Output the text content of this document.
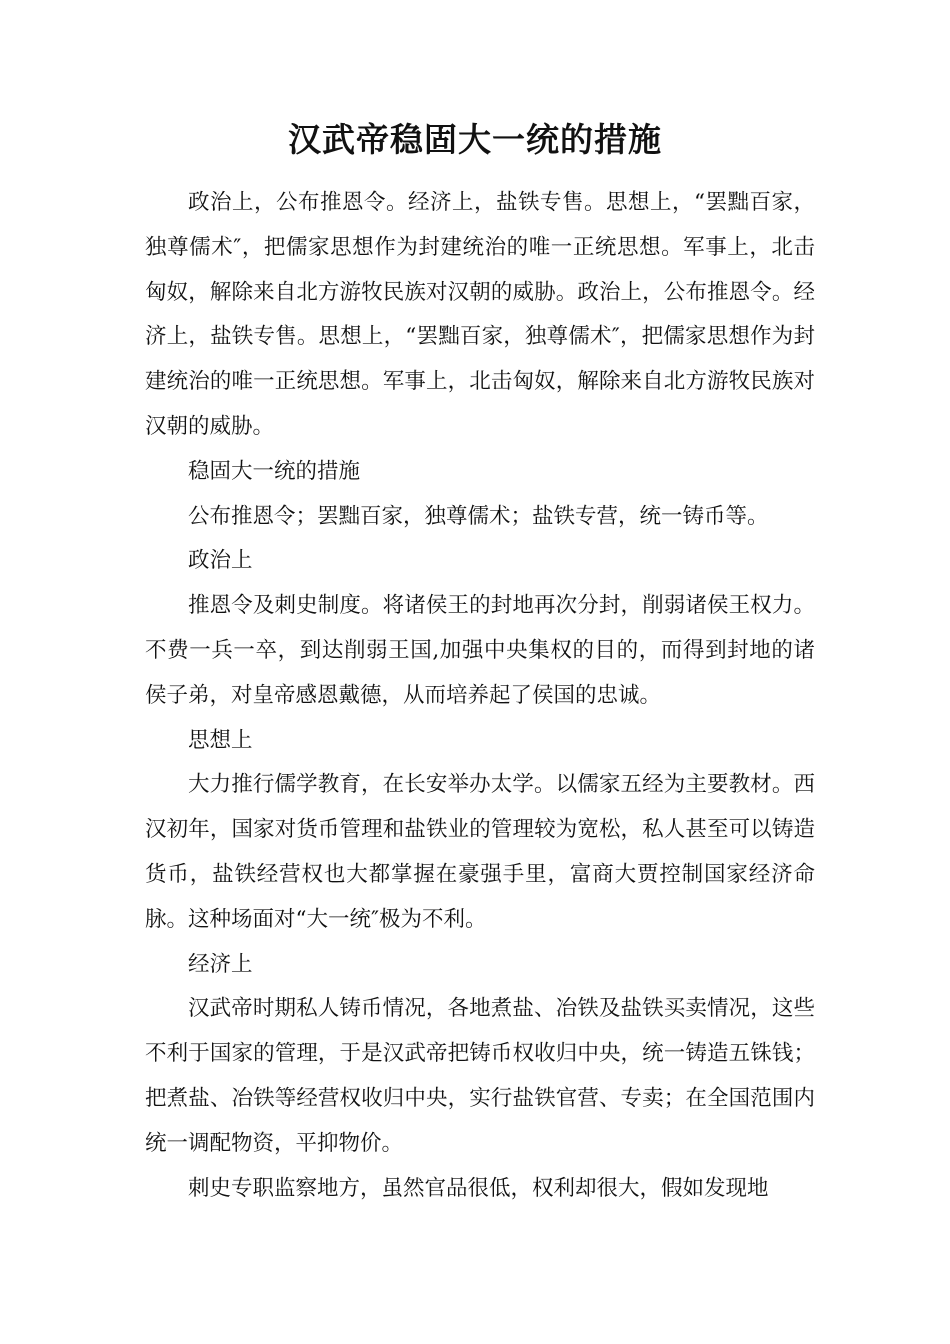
汉武帝稳固大一统的措施

政治上，公布推恩令。经济上，盐铁专售。思想上，“罢黜百家，独尊儒术″，把儒家思想作为封建统治的唯一正统思想。军事上，北击匈奴，解除来自北方游牧民族对汉朝的威胁。政治上，公布推恩令。经济上，盐铁专售。思想上，“罢黜百家，独尊儒术″，把儒家思想作为封建统治的唯一正统思想。军事上，北击匈奴，解除来自北方游牧民族对汉朝的威胁。

稳固大一统的措施

公布推恩令；罢黜百家，独尊儒术；盐铁专营，统一铸币等。

政治上

推恩令及刺史制度。将诸侯王的封地再次分封，削弱诸侯王权力。不费一兵一卒，到达削弱王国,加强中央集权的目的，而得到封地的诸侯子弟，对皇帝感恩戴德，从而培养起了侯国的忠诚。

思想上

大力推行儒学教育，在长安举办太学。以儒家五经为主要教材。西汉初年，国家对货币管理和盐铁业的管理较为宽松，私人甚至可以铸造货币，盐铁经营权也大都掌握在豪强手里，富商大贾控制国家经济命脉。这种场面对“大一统″极为不利。

经济上

汉武帝时期私人铸币情况，各地煮盐、冶铁及盐铁买卖情况，这些不利于国家的管理，于是汉武帝把铸币权收归中央，统一铸造五铢钱；把煮盐、冶铁等经营权收归中央，实行盐铁官营、专卖；在全国范围内统一调配物资，平抑物价。

刺史专职监察地方，虽然官品很低，权利却很大，假如发现地
